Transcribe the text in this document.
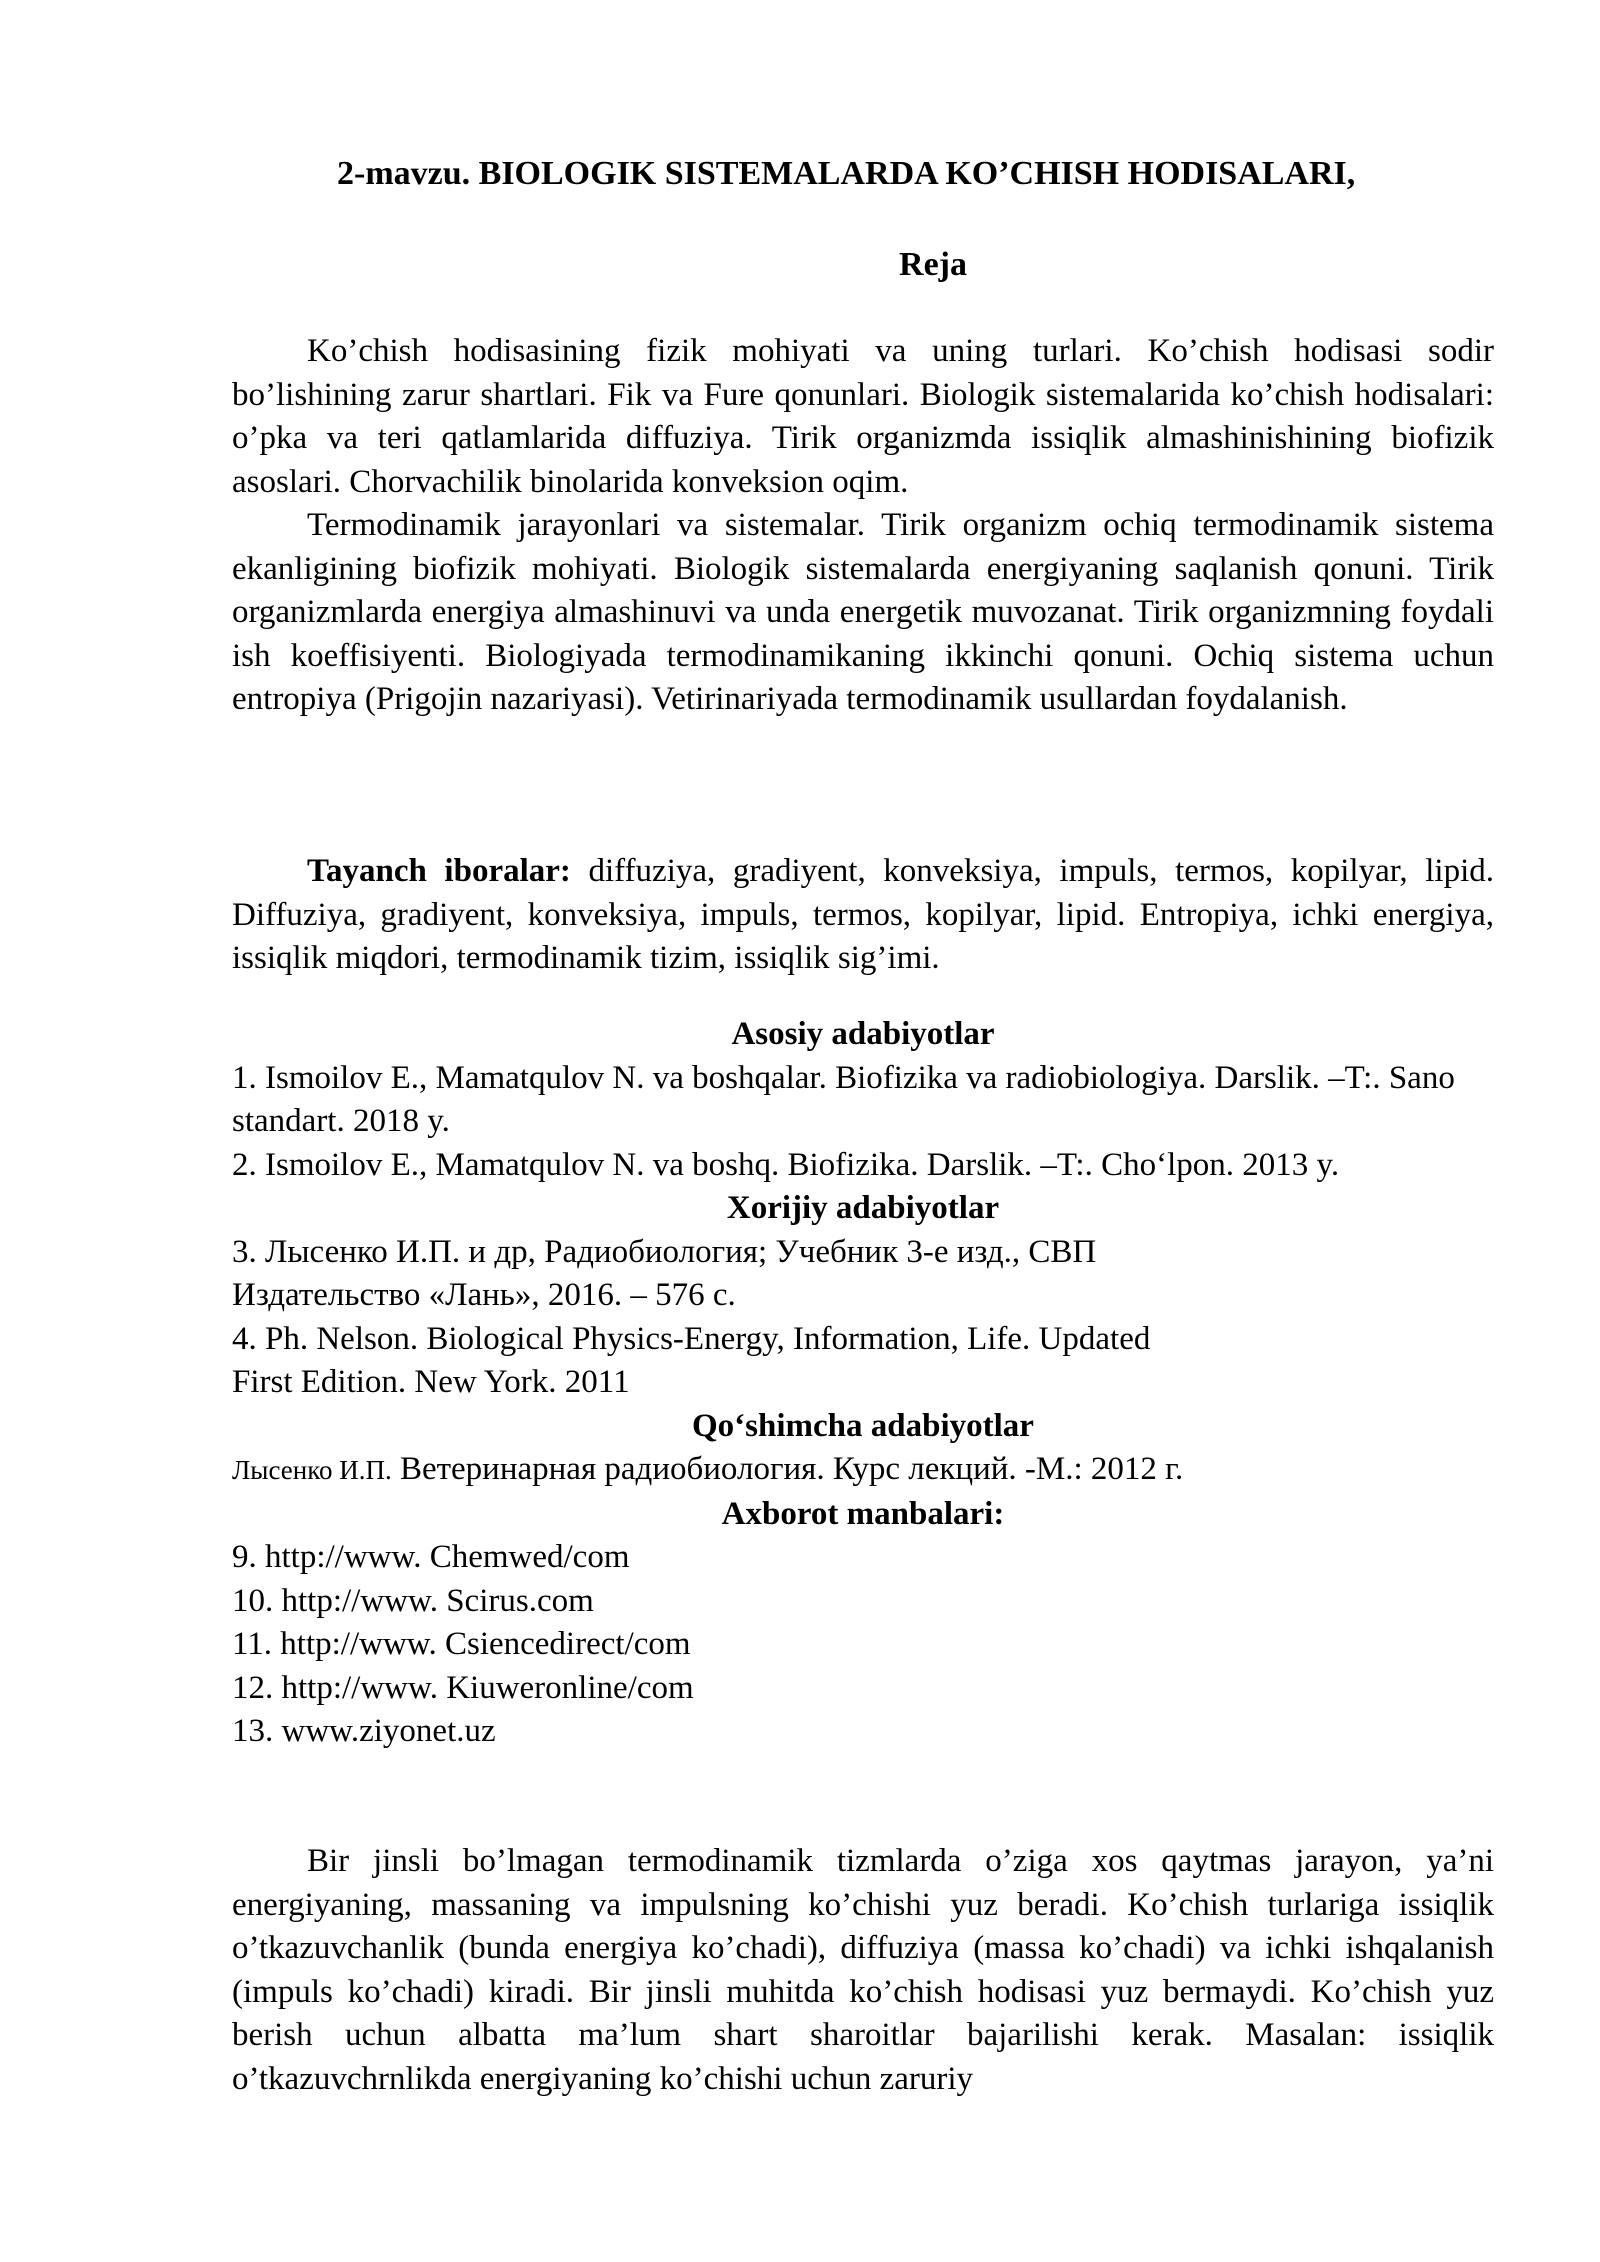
2-mavzu. BIOLOGIK SISTEMALARDA KO’CHISH HODISALARI,
Reja

Ko’chish hodisasining fizik mohiyati va uning turlari. Ko’chish hodisasi sodir bo’lishining zarur shartlari. Fik va Fure qonunlari. Biologik sistemalarida ko’chish hodisalari: o’pka va teri qatlamlarida diffuziya. Tirik organizmda issiqlik almashinishining biofizik asoslari. Chorvachilik binolarida konveksion oqim.

Termodinamik jarayonlari va sistemalar. Tirik organizm ochiq termodinamik sistema ekanligining biofizik mohiyati. Biologik sistemalarda energiyaning saqlanish qonuni. Tirik organizmlarda energiya almashinuvi va unda energetik muvozanat. Tirik organizmning foydali ish koeffisiyenti. Biologiyada termodinamikaning ikkinchi qonuni. Ochiq sistema uchun entropiya (Prigojin nazariyasi). Vetirinariyada termodinamik usullardan foydalanish.

Tayanch iboralar: diffuziya, gradiyent, konveksiya, impuls, termos, kopilyar, lipid. Diffuziya, gradiyent, konveksiya, impuls, termos, kopilyar, lipid. Entropiya, ichki energiya, issiqlik miqdori, termodinamik tizim, issiqlik sig’imi.

Asosiy adabiyotlar

1. Ismoilov E., Mamatqulov N. va boshqalar. Biofizika va radiobiologiya. Darslik. –T:. Sano standart. 2018 y.

2. Ismoilov E., Mamatqulov N. va boshq. Biofizika. Darslik. –T:. Cho‘lpon. 2013 y.

Xorijiy adabiyotlar

3. Лысенко И.П. и др, Радиобиология; Учебник 3-е изд., СВП

Издательство «Лань», 2016. – 576 с.

4. Ph. Nelson. Biological Physics-Energy, Information, Life. Updated

First Edition. New York. 2011

Qo‘shimcha adabiyotlar

Лысенко И.П. Ветеринарная радиобиология. Курс лекций. -М.: 2012 г.

Axborot manbalari:

9. http://www. Chemwed/com

10. http://www. Scirus.com

11. http://www. Csiencedirect/com

12. http://www. Kiuweronline/com

13. www.ziyonet.uz

Bir jinsli bo’lmagan termodinamik tizmlarda o’ziga xos qaytmas jarayon, ya’ni energiyaning, massaning va impulsning ko’chishi yuz beradi. Ko’chish turlariga issiqlik o’tkazuvchanlik (bunda energiya ko’chadi), diffuziya (massa ko’chadi) va ichki ishqalanish (impuls ko’chadi) kiradi. Bir jinsli muhitda ko’chish hodisasi yuz bermaydi. Ko’chish yuz berish uchun albatta ma’lum shart sharoitlar bajarilishi kerak. Masalan: issiqlik o’tkazuvchrnlikda energiyaning ko’chishi uchun zaruriy
